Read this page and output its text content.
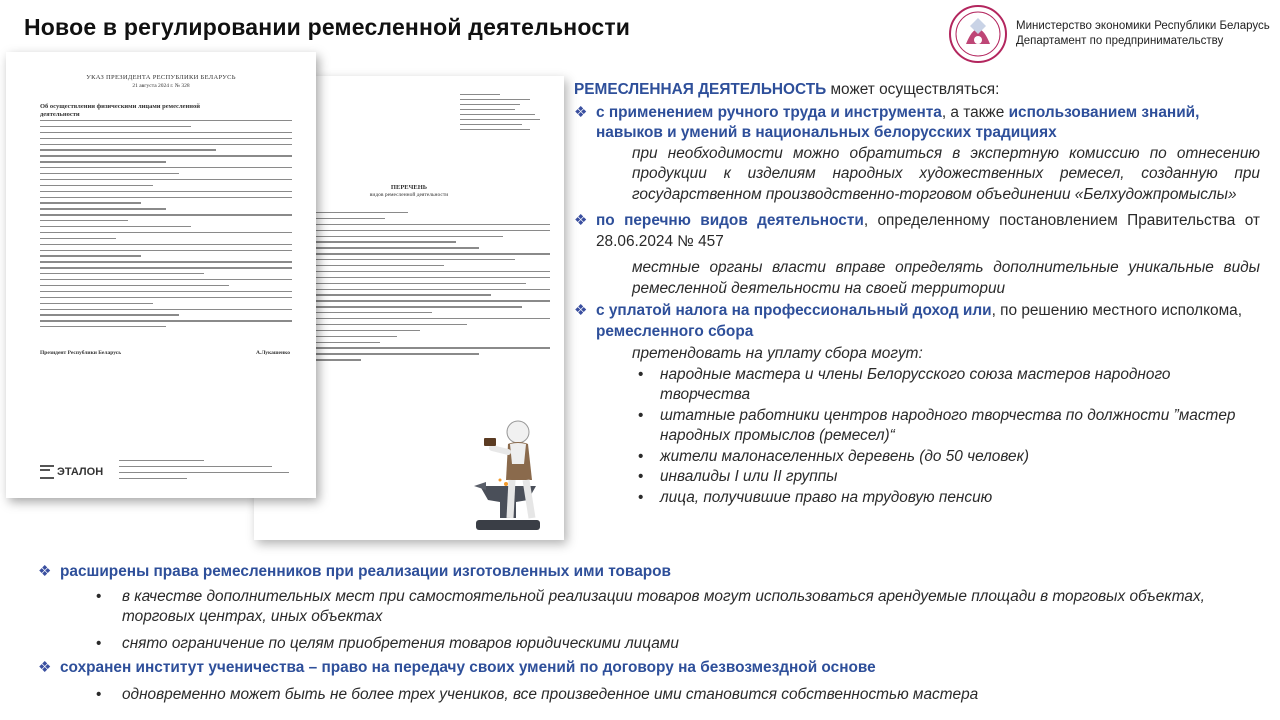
Новое в регулировании ремесленной деятельности	Министерство экономики Республики Беларусь
Департамент по предпринимательству
ПЕРЕЧЕНЬ
видов ремесленной деятельности
УКАЗ ПРЕЗИДЕНТА РЕСПУБЛИКИ БЕЛАРУСЬ
21 августа 2024 г. № 328
Об осуществлении физическими лицами ремесленной деятельности
Президент Республики Беларусь	А.Лукашенко
ЭТАЛОН
РЕМЕСЛЕННАЯ ДЕЯТЕЛЬНОСТЬ может осуществляться:
❖ с применением ручного труда и инструмента, а также использованием знаний, навыков и умений в национальных белорусских традициях
при необходимости можно обратиться в экспертную комиссию по отнесению продукции к изделиям народных художественных ремесел, созданную при государственном производственно-торговом объединении «Белхудожпромыслы»
❖ по перечню видов деятельности, определенному постановлением Правительства от 28.06.2024 № 457
местные органы власти вправе определять дополнительные уникальные виды ремесленной деятельности на своей территории
❖ с уплатой налога на профессиональный доход или, по решению местного исполкома, ремесленного сбора
претендовать на уплату сбора могут:
• народные мастера и члены Белорусского союза мастеров народного творчества
• штатные работники центров народного творчества по должности ”мастер народных промыслов (ремесел)“
• жители малонаселенных деревень (до 50 человек)
• инвалиды I или II группы
• лица, получившие право на трудовую пенсию
❖ расширены права ремесленников при реализации изготовленных ими товаров
• в качестве дополнительных мест при самостоятельной реализации товаров могут использоваться арендуемые площади в торговых объектах, торговых центрах, иных объектах
• снято ограничение по целям приобретения товаров юридическими лицами
❖ сохранен институт ученичества – право на передачу своих умений по договору на безвозмездной основе
• одновременно может быть не более трех учеников, все произведенное ими становится собственностью мастера
